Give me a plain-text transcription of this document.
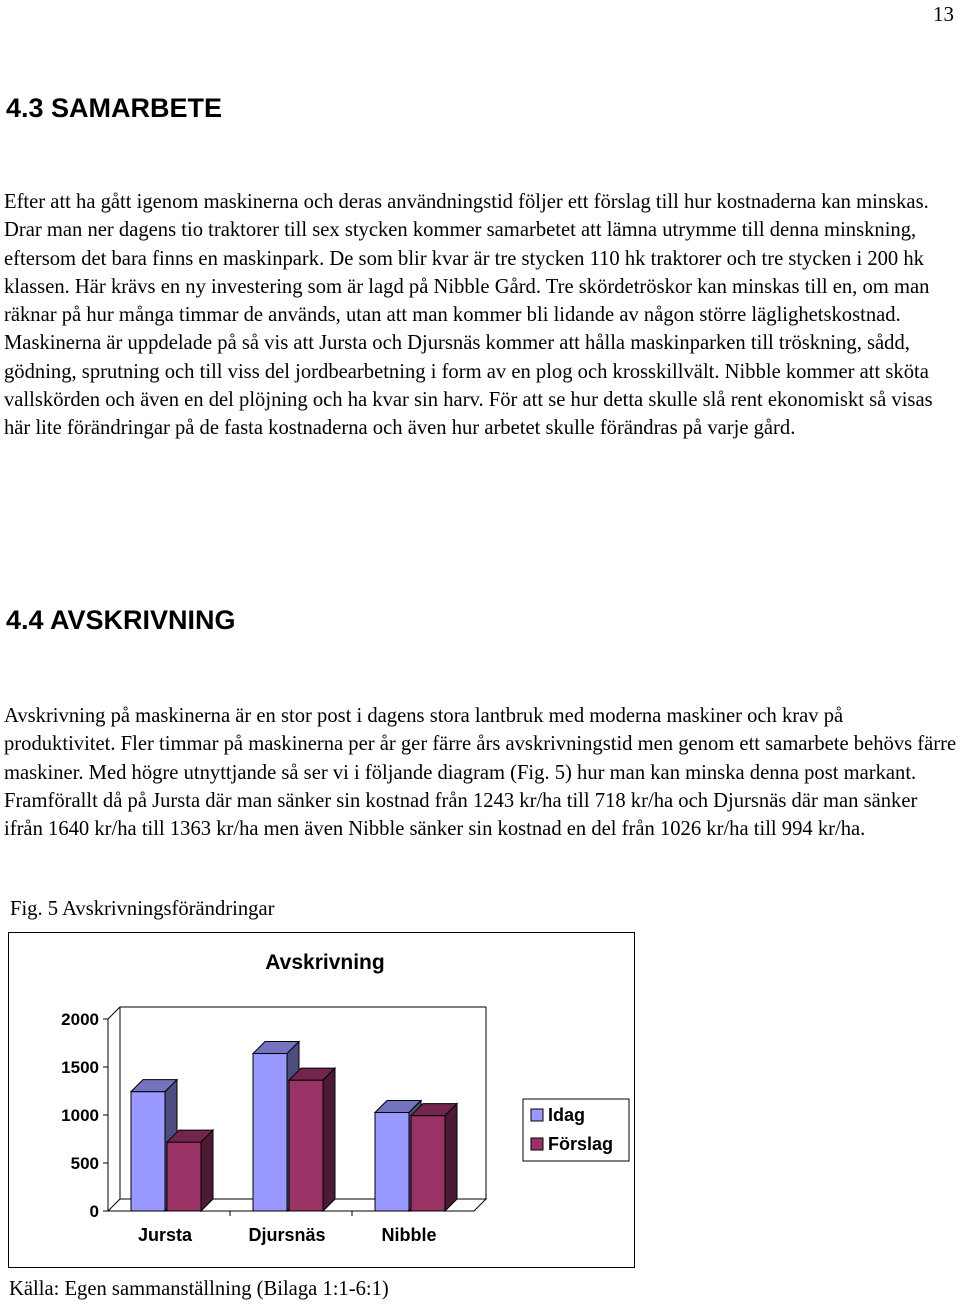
13
4.3 SAMARBETE

Efter att ha gått igenom maskinerna och deras användningstid följer ett förslag till hur kostnaderna kan minskas. Drar man ner dagens tio traktorer till sex stycken kommer samarbetet att lämna utrymme till denna minskning, eftersom det bara finns en maskinpark. De som blir kvar är tre stycken 110 hk traktorer och tre stycken i 200 hk klassen. Här krävs en ny investering som är lagd på Nibble Gård. Tre skördetröskor kan minskas till en, om man räknar på hur många timmar de används, utan att man kommer bli lidande av någon större läglighetskostnad. Maskinerna är uppdelade på så vis att Jursta och Djursnäs kommer att hålla maskinparken till tröskning, sådd, gödning, sprutning och till viss del jordbearbetning i form av en plog och krosskillvält. Nibble kommer att sköta vallskörden och även en del plöjning och ha kvar sin harv. För att se hur detta skulle slå rent ekonomiskt så visas här lite förändringar på de fasta kostnaderna och även hur arbetet skulle förändras på varje gård.

4.4 AVSKRIVNING

Avskrivning på maskinerna är en stor post i dagens stora lantbruk med moderna maskiner och krav på produktivitet. Fler timmar på maskinerna per år ger färre års avskrivningstid men genom ett samarbete behövs färre maskiner. Med högre utnyttjande så ser vi i följande diagram (Fig. 5) hur man kan minska denna post markant. Framförallt då på Jursta där man sänker sin kostnad från 1243 kr/ha till 718 kr/ha och Djursnäs där man sänker ifrån 1640 kr/ha till 1363 kr/ha men även Nibble sänker sin kostnad en del från 1026 kr/ha till 994 kr/ha.

Fig. 5 Avskrivningsförändringar

Avskrivning
2000
1500
1000
500
0
Jursta	Djursnäs	Nibble
Idag
Förslag

Källa: Egen sammanställning (Bilaga 1:1-6:1)
